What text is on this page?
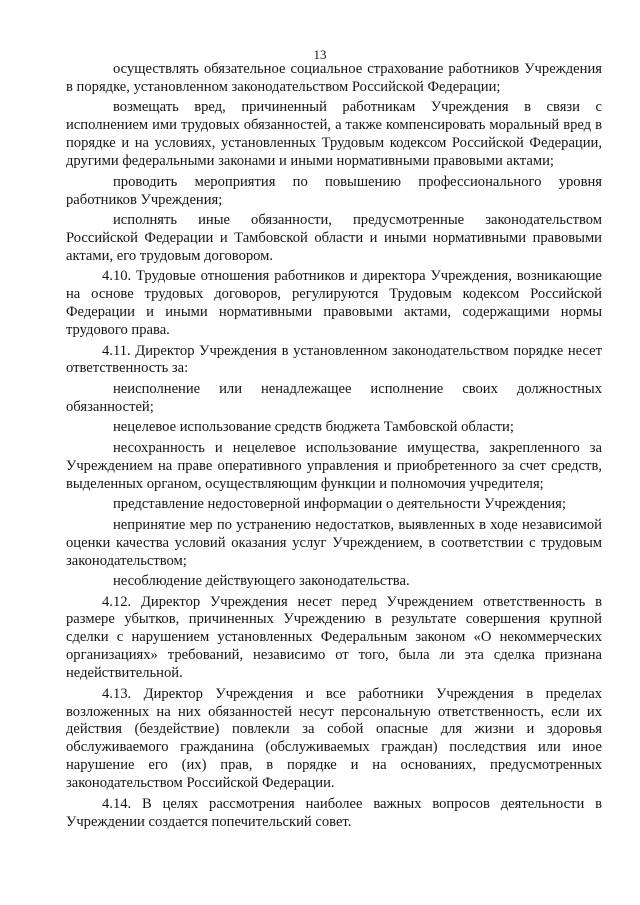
13

осуществлять обязательное социальное страхование работников Учреждения в порядке, установленном законодательством Российской Федерации;

возмещать вред, причиненный работникам Учреждения в связи с исполнением ими трудовых обязанностей, а также компенсировать моральный вред в порядке и на условиях, установленных Трудовым кодексом Российской Федерации, другими федеральными законами и иными нормативными правовыми актами;

проводить мероприятия по повышению профессионального уровня работников Учреждения;

исполнять иные обязанности, предусмотренные законодательством Российской Федерации и Тамбовской области и иными нормативными правовыми актами, его трудовым договором.

4.10. Трудовые отношения работников и директора Учреждения, возникающие на основе трудовых договоров, регулируются Трудовым кодексом Российской Федерации и иными нормативными правовыми актами, содержащими нормы трудового права.

4.11. Директор Учреждения в установленном законодательством порядке несет ответственность за:

неисполнение или ненадлежащее исполнение своих должностных обязанностей;

нецелевое использование средств бюджета Тамбовской области;

несохранность и нецелевое использование имущества, закрепленного за Учреждением на праве оперативного управления и приобретенного за счет средств, выделенных органом, осуществляющим функции и полномочия учредителя;

представление недостоверной информации о деятельности Учреждения;

непринятие мер по устранению недостатков, выявленных в ходе независимой оценки качества условий оказания услуг Учреждением, в соответствии с трудовым законодательством;

несоблюдение действующего законодательства.

4.12. Директор Учреждения несет перед Учреждением ответственность в размере убытков, причиненных Учреждению в результате совершения крупной сделки с нарушением установленных Федеральным законом «О некоммерческих организациях» требований, независимо от того, была ли эта сделка признана недействительной.

4.13. Директор Учреждения и все работники Учреждения в пределах возложенных на них обязанностей несут персональную ответственность, если их действия (бездействие) повлекли за собой опасные для жизни и здоровья обслуживаемого гражданина (обслуживаемых граждан) последствия или иное нарушение его (их) прав, в порядке и на основаниях, предусмотренных законодательством Российской Федерации.

4.14. В целях рассмотрения наиболее важных вопросов деятельности в Учреждении создается попечительский совет.
